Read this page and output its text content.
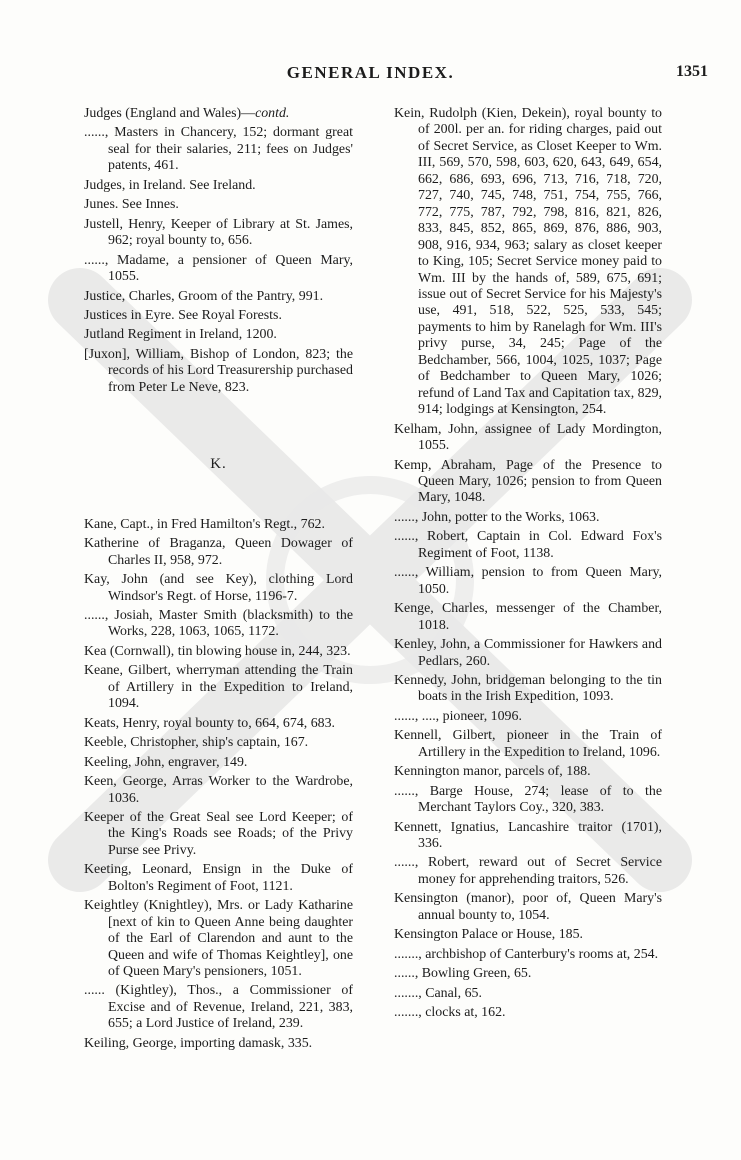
GENERAL INDEX.	1351

Judges (England and Wales)—contd.

......, Masters in Chancery, 152; dormant great seal for their salaries, 211; fees on Judges' patents, 461.

Judges, in Ireland. See Ireland.

Junes. See Innes.

Justell, Henry, Keeper of Library at St. James, 962; royal bounty to, 656.

......, Madame, a pensioner of Queen Mary, 1055.

Justice, Charles, Groom of the Pantry, 991.

Justices in Eyre. See Royal Forests.

Jutland Regiment in Ireland, 1200.

[Juxon], William, Bishop of London, 823; the records of his Lord Treasurership purchased from Peter Le Neve, 823.

K.

Kane, Capt., in Fred Hamilton's Regt., 762.

Katherine of Braganza, Queen Dowager of Charles II, 958, 972.

Kay, John (and see Key), clothing Lord Windsor's Regt. of Horse, 1196-7.

......, Josiah, Master Smith (blacksmith) to the Works, 228, 1063, 1065, 1172.

Kea (Cornwall), tin blowing house in, 244, 323.

Keane, Gilbert, wherryman attending the Train of Artillery in the Expedition to Ireland, 1094.

Keats, Henry, royal bounty to, 664, 674, 683.

Keeble, Christopher, ship's captain, 167.

Keeling, John, engraver, 149.

Keen, George, Arras Worker to the Wardrobe, 1036.

Keeper of the Great Seal see Lord Keeper; of the King's Roads see Roads; of the Privy Purse see Privy.

Keeting, Leonard, Ensign in the Duke of Bolton's Regiment of Foot, 1121.

Keightley (Knightley), Mrs. or Lady Katharine [next of kin to Queen Anne being daughter of the Earl of Clarendon and aunt to the Queen and wife of Thomas Keightley], one of Queen Mary's pensioners, 1051.

...... (Kightley), Thos., a Commissioner of Excise and of Revenue, Ireland, 221, 383, 655; a Lord Justice of Ireland, 239.

Keiling, George, importing damask, 335.

Kein, Rudolph (Kien, Dekein), royal bounty to of 200l. per an. for riding charges, paid out of Secret Service, as Closet Keeper to Wm. III, 569, 570, 598, 603, 620, 643, 649, 654, 662, 686, 693, 696, 713, 716, 718, 720, 727, 740, 745, 748, 751, 754, 755, 766, 772, 775, 787, 792, 798, 816, 821, 826, 833, 845, 852, 865, 869, 876, 886, 903, 908, 916, 934, 963; salary as closet keeper to King, 105; Secret Service money paid to Wm. III by the hands of, 589, 675, 691; issue out of Secret Service for his Majesty's use, 491, 518, 522, 525, 533, 545; payments to him by Ranelagh for Wm. III's privy purse, 34, 245; Page of the Bedchamber, 566, 1004, 1025, 1037; Page of Bedchamber to Queen Mary, 1026; refund of Land Tax and Capitation tax, 829, 914; lodgings at Kensington, 254.

Kelham, John, assignee of Lady Mordington, 1055.

Kemp, Abraham, Page of the Presence to Queen Mary, 1026; pension to from Queen Mary, 1048.

......, John, potter to the Works, 1063.

......, Robert, Captain in Col. Edward Fox's Regiment of Foot, 1138.

......, William, pension to from Queen Mary, 1050.

Kenge, Charles, messenger of the Chamber, 1018.

Kenley, John, a Commissioner for Hawkers and Pedlars, 260.

Kennedy, John, bridgeman belonging to the tin boats in the Irish Expedition, 1093.

......, ...., pioneer, 1096.

Kennell, Gilbert, pioneer in the Train of Artillery in the Expedition to Ireland, 1096.

Kennington manor, parcels of, 188.

......, Barge House, 274; lease of to the Merchant Taylors Coy., 320, 383.

Kennett, Ignatius, Lancashire traitor (1701), 336.

......, Robert, reward out of Secret Service money for apprehending traitors, 526.

Kensington (manor), poor of, Queen Mary's annual bounty to, 1054.

Kensington Palace or House, 185.

......., archbishop of Canterbury's rooms at, 254.

......, Bowling Green, 65.

......., Canal, 65.

......., clocks at, 162.
